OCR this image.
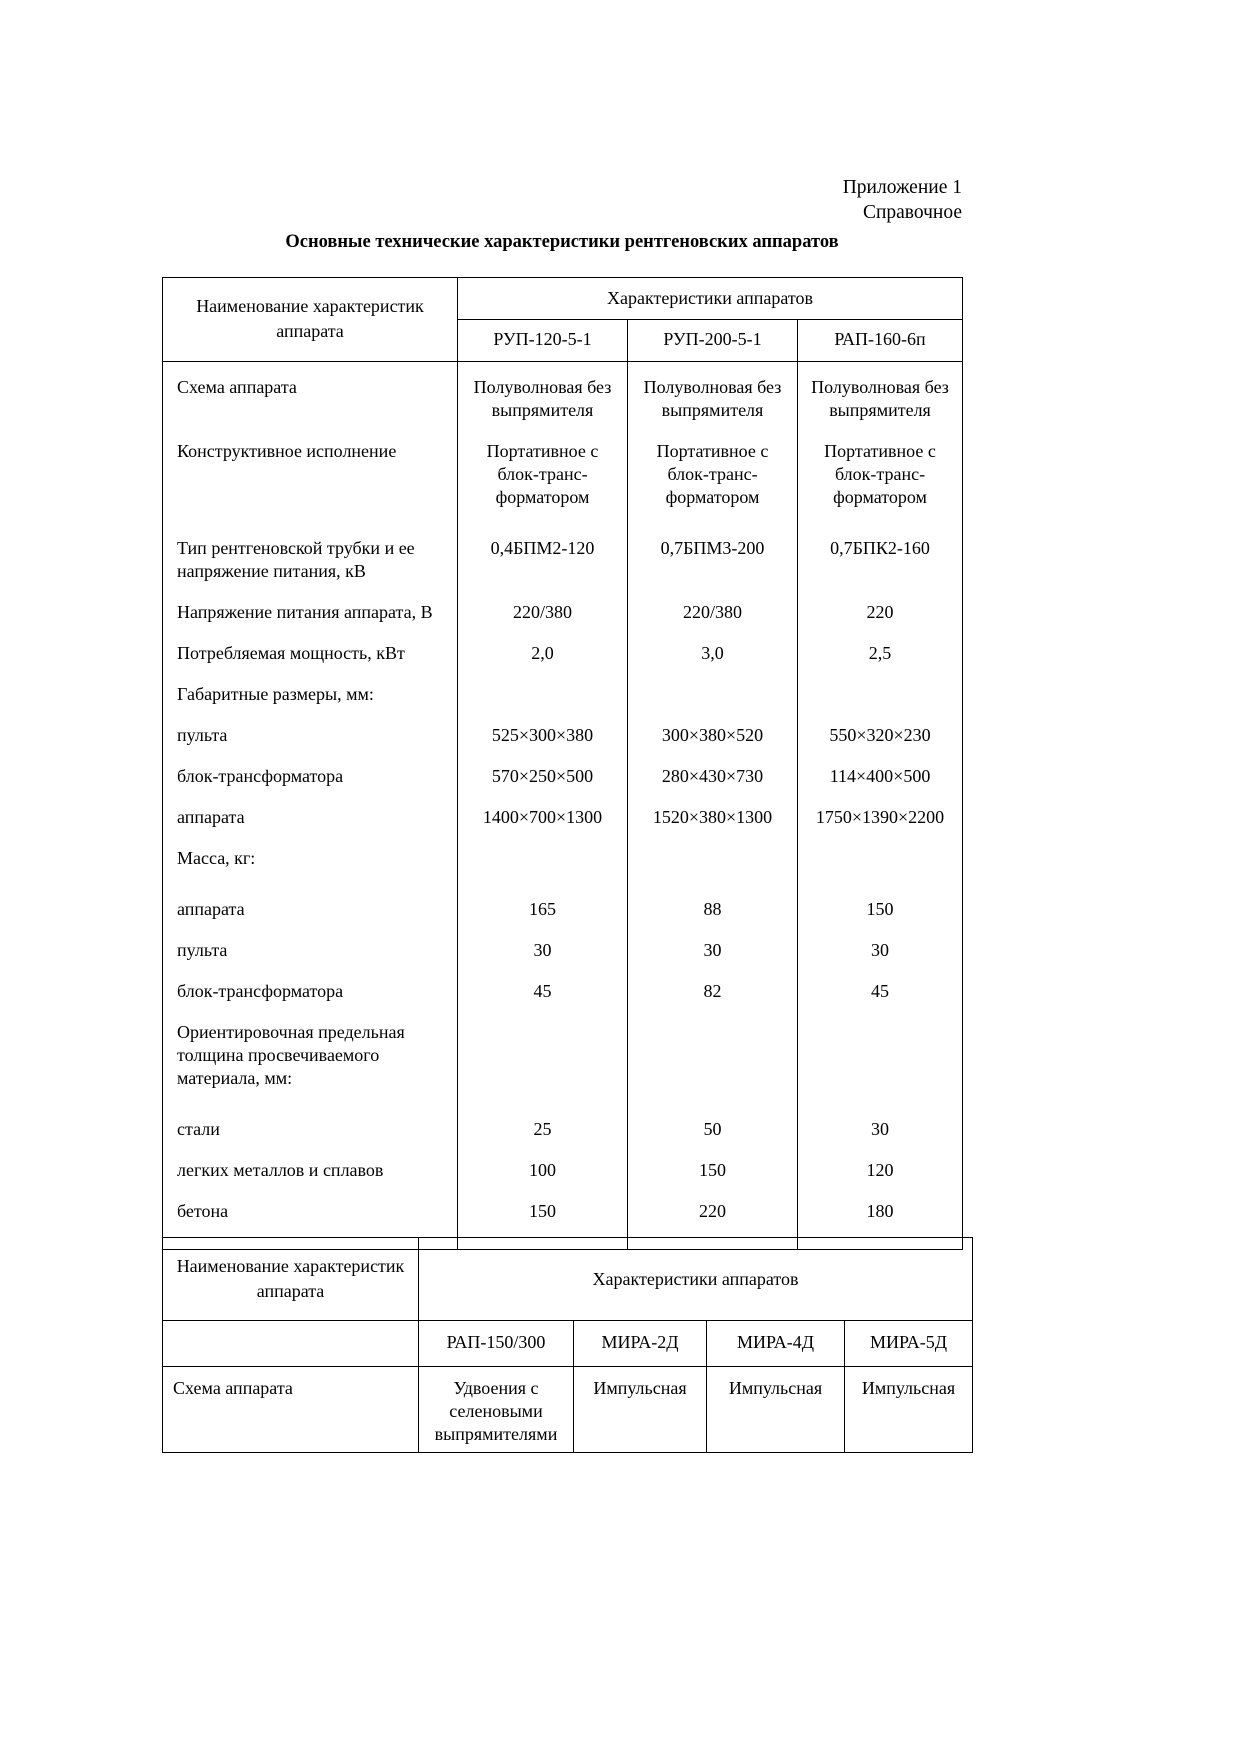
Приложение 1
Справочное
Основные технические характеристики рентгеновских аппаратов
Наименование характеристик аппарата	Характеристики аппаратов		
	РУП-120-5-1	РУП-200-5-1	РАП-160-6п
Схема аппарата	Полуволновая без выпрямителя	Полуволновая без выпрямителя	Полуволновая без выпрямителя
Конструктивное исполнение	Портативное с блок-транс-форматором	Портативное с блок-транс-форматором	Портативное с блок-транс-форматором
Тип рентгеновской трубки и ее напряжение питания, кВ	0,4БПМ2-120	0,7БПМ3-200	0,7БПК2-160
Напряжение питания аппарата, В	220/380	220/380	220
Потребляемая мощность, кВт	2,0	3,0	2,5
Габаритные размеры, мм:			
пульта	525×300×380	300×380×520	550×320×230
блок-трансформатора	570×250×500	280×430×730	114×400×500
аппарата	1400×700×1300	1520×380×1300	1750×1390×2200
Масса, кг:			
аппарата	165	88	150
пульта	30	30	30
блок-трансформатора	45	82	45
Ориентировочная предельная толщина просвечиваемого материала, мм:			
стали	25	50	30
легких металлов и сплавов	100	150	120
бетона	150	220	180
Наименование характеристик аппарата	Характеристики аппаратов			
	РАП-150/300	МИРА-2Д	МИРА-4Д	МИРА-5Д
Схема аппарата	Удвоения с селеновыми выпрямителями	Импульсная	Импульсная	Импульсная
